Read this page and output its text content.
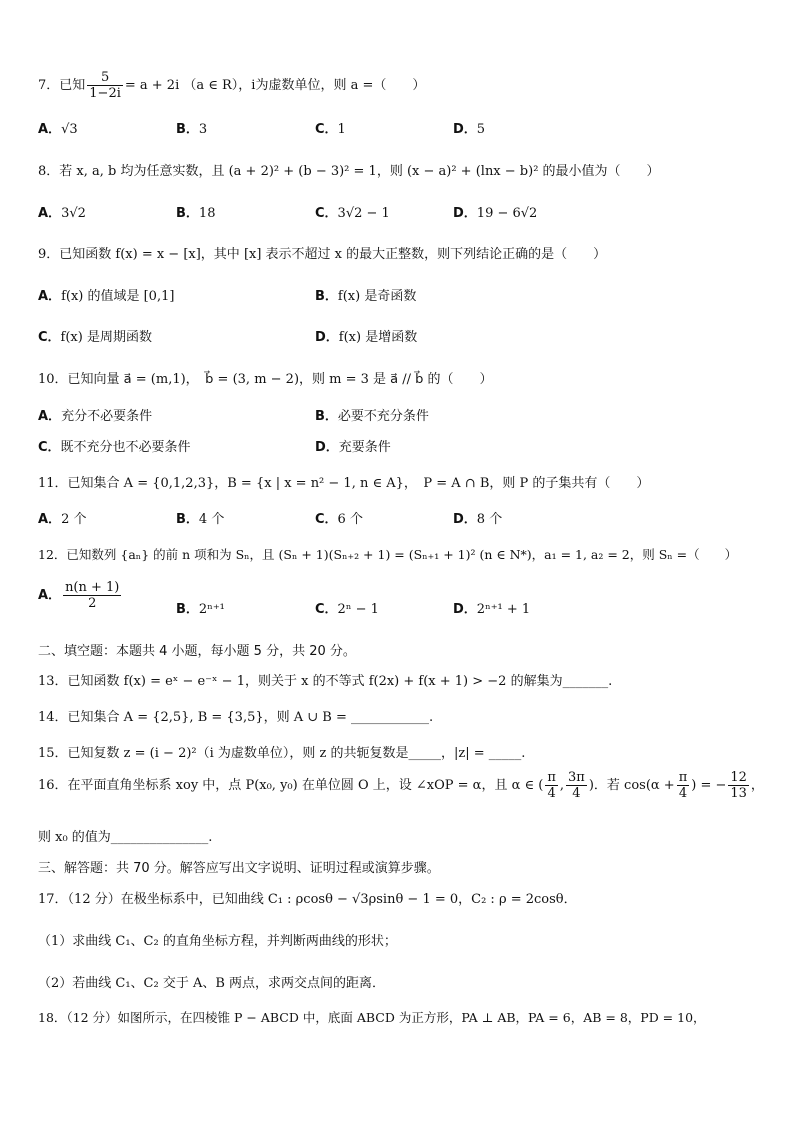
7．已知 $\frac{5}{1-2i} = a + 2i$ （a ∈ R），i为虚数单位，则 a =（　　）
A．√3	B．3	C．1	D．5
8．若 x, a, b 均为任意实数，且 (a + 2)² + (b − 3)² = 1，则 (x − a)² + (lnx − b)² 的最小值为（　　）
A．3√2	B．18	C．3√2 − 1	D．19 − 6√2
9．已知函数 f(x) = x − [x]，其中 [x] 表示不超过 x 的最大正整数，则下列结论正确的是（　　）
A．f(x) 的值域是 [0,1]	B．f(x) 是奇函数
C．f(x) 是周期函数	D．f(x) 是增函数
10．已知向量 a⃗ = (m,1)，　b⃗ = (3, m − 2)，则 m = 3 是 a⃗ // b⃗ 的（　　）
A．充分不必要条件	B．必要不充分条件
C．既不充分也不必要条件	D．充要条件
11．已知集合 A = {0,1,2,3}，B = {x | x = n² − 1, n ∈ A}，　P = A ∩ B，则 P 的子集共有（　　）
A．2 个	B．4 个	C．6 个	D．8 个
12．已知数列 {aₙ} 的前 n 项和为 Sₙ，且 (Sₙ + 1)(Sₙ₊₂ + 1) = (Sₙ₊₁ + 1)² (n ∈ N*)，a₁ = 1, a₂ = 2，则 Sₙ =（　　）
A． $\frac{n(n + 1)}{2}$	B．2ⁿ⁺¹	C．2ⁿ − 1	D．2ⁿ⁺¹ + 1
二、填空题：本题共 4 小题，每小题 5 分，共 20 分。
13．已知函数 f(x) = eˣ − e⁻ˣ − 1，则关于 x 的不等式 f(2x) + f(x + 1) > −2 的解集为_______.
14．已知集合 A = {2,5}, B = {3,5}，则 A ∪ B = ____________.
15．已知复数 z = (i − 2)²（i 为虚数单位），则 z 的共轭复数是_____，|z| = _____.
16．在平面直角坐标系 xoy 中，点 P(x₀, y₀) 在单位圆 O 上，设 ∠xOP = α，且 α ∈ ( $\frac{\pi}{4}$ , $\frac{3\pi}{4}$ )．若 $\cos(\alpha + \frac{\pi}{4}$ ) = − $\frac{12}{13}$ ，
则 x₀ 的值为_______________.
三、解答题：共 70 分。解答应写出文字说明、证明过程或演算步骤。
17．（12 分）在极坐标系中，已知曲线 C₁ : ρcosθ − √3ρsinθ − 1 = 0，C₂ : ρ = 2cosθ．
（1）求曲线 C₁、C₂ 的直角坐标方程，并判断两曲线的形状；
（2）若曲线 C₁、C₂ 交于 A、B 两点，求两交点间的距离．
18．（12 分）如图所示，在四棱锥 P − ABCD 中，底面 ABCD 为正方形，PA ⊥ AB，PA = 6，AB = 8，PD = 10，
